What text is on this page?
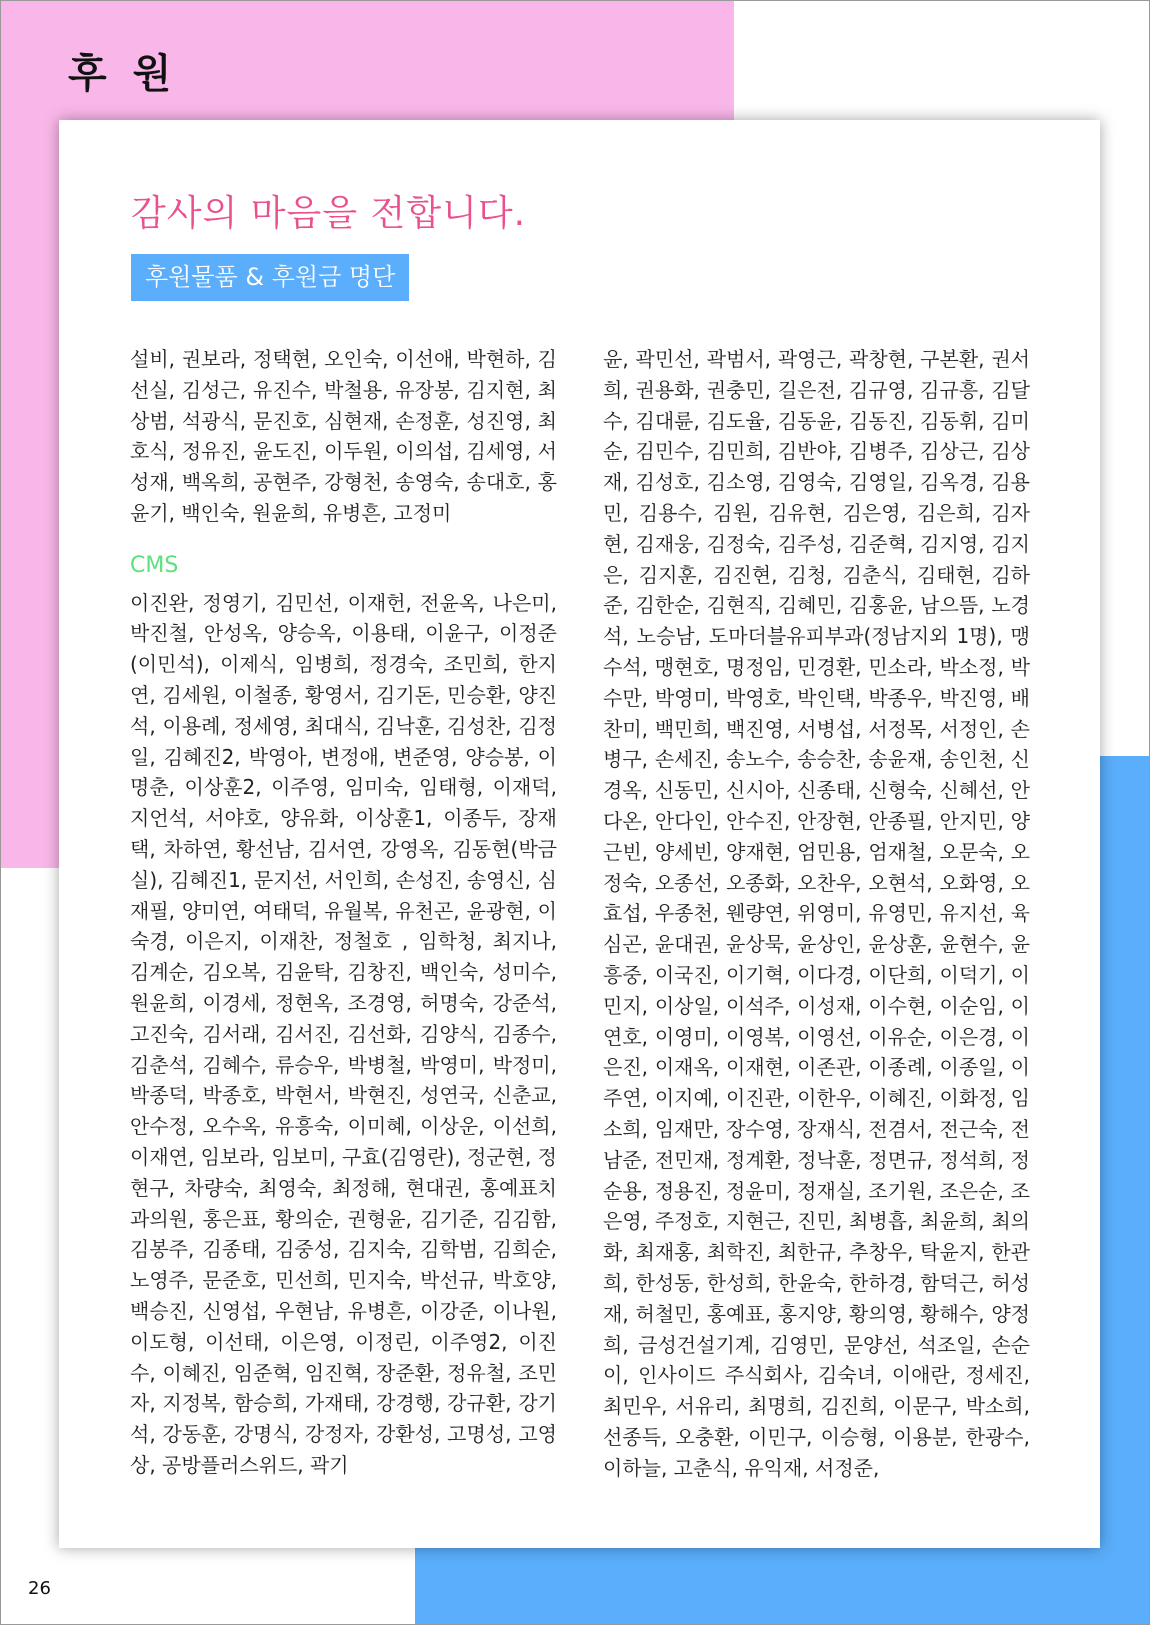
후 원
감사의 마음을 전합니다.
후원물품 & 후원금 명단

설비, 권보라, 정택현, 오인숙, 이선애, 박현하, 김선실, 김성근, 유진수, 박철용, 유장봉, 김지현, 최상범, 석광식, 문진호, 심현재, 손정훈, 성진영, 최호식, 정유진, 윤도진, 이두원, 이의섭, 김세영, 서성재, 백옥희, 공현주, 강형천, 송영숙, 송대호, 홍윤기, 백인숙, 원윤희, 유병흔, 고정미

CMS

이진완, 정영기, 김민선, 이재헌, 전윤옥, 나은미, 박진철, 안성옥, 양승옥, 이용태, 이윤구, 이정준(이민석), 이제식, 임병희, 정경숙, 조민희, 한지연, 김세원, 이철종, 황영서, 김기돈, 민승환, 양진석, 이용례, 정세영, 최대식, 김낙훈, 김성찬, 김정일, 김혜진2, 박영아, 변정애, 변준영, 양승봉, 이명춘, 이상훈2, 이주영, 임미숙, 임태형, 이재덕, 지언석, 서야호, 양유화, 이상훈1, 이종두, 장재택, 차하연, 황선남, 김서연, 강영옥, 김동현(박금실), 김혜진1, 문지선, 서인희, 손성진, 송영신, 심재필, 양미연, 여태덕, 유월복, 유천곤, 윤광현, 이숙경, 이은지, 이재찬, 정철호 , 임학청, 최지나, 김계순, 김오복, 김윤탁, 김창진, 백인숙, 성미수, 원윤희, 이경세, 정현옥, 조경영, 허명숙, 강준석, 고진숙, 김서래, 김서진, 김선화, 김양식, 김종수, 김춘석, 김혜수, 류승우, 박병철, 박영미, 박정미, 박종덕, 박종호, 박현서, 박현진, 성연국, 신춘교, 안수정, 오수옥, 유흥숙, 이미혜, 이상운, 이선희, 이재연, 임보라, 임보미, 구효(김영란), 정군현, 정현구, 차량숙, 최영숙, 최정해, 현대권, 홍예표치과의원, 홍은표, 황의순, 권형윤, 김기준, 김김함, 김봉주, 김종태, 김중성, 김지숙, 김학범, 김희순, 노영주, 문준호, 민선희, 민지숙, 박선규, 박호양, 백승진, 신영섭, 우현남, 유병흔, 이강준, 이나원, 이도형, 이선태, 이은영, 이정린, 이주영2, 이진수, 이혜진, 임준혁, 임진혁, 장준환, 정유철, 조민자, 지정복, 함승희, 가재태, 강경행, 강규환, 강기석, 강동훈, 강명식, 강정자, 강환성, 고명성, 고영상, 공방플러스위드, 곽기

윤, 곽민선, 곽범서, 곽영근, 곽창현, 구본환, 권서희, 권용화, 권충민, 길은전, 김규영, 김규흥, 김달수, 김대륜, 김도율, 김동윤, 김동진, 김동휘, 김미순, 김민수, 김민희, 김반야, 김병주, 김상근, 김상재, 김성호, 김소영, 김영숙, 김영일, 김옥경, 김용민, 김용수, 김원, 김유현, 김은영, 김은희, 김자현, 김재웅, 김정숙, 김주성, 김준혁, 김지영, 김지은, 김지훈, 김진현, 김청, 김춘식, 김태현, 김하준, 김한순, 김현직, 김혜민, 김홍윤, 남으뜸, 노경석, 노승남, 도마더블유피부과(정남지외 1명), 맹수석, 맹현호, 명정임, 민경환, 민소라, 박소정, 박수만, 박영미, 박영호, 박인택, 박종우, 박진영, 배찬미, 백민희, 백진영, 서병섭, 서정목, 서정인, 손병구, 손세진, 송노수, 송승찬, 송윤재, 송인천, 신경옥, 신동민, 신시아, 신종태, 신형숙, 신혜선, 안다온, 안다인, 안수진, 안장현, 안종필, 안지민, 양근빈, 양세빈, 양재현, 엄민용, 엄재철, 오문숙, 오정숙, 오종선, 오종화, 오찬우, 오현석, 오화영, 오효섭, 우종천, 웬량연, 위영미, 유영민, 유지선, 육심곤, 윤대권, 윤상묵, 윤상인, 윤상훈, 윤현수, 윤흥중, 이국진, 이기혁, 이다경, 이단희, 이덕기, 이민지, 이상일, 이석주, 이성재, 이수현, 이순임, 이연호, 이영미, 이영복, 이영선, 이유순, 이은경, 이은진, 이재옥, 이재현, 이존관, 이종례, 이종일, 이주연, 이지예, 이진관, 이한우, 이혜진, 이화정, 임소희, 임재만, 장수영, 장재식, 전겸서, 전근숙, 전남준, 전민재, 정계환, 정낙훈, 정면규, 정석희, 정순용, 정용진, 정윤미, 정재실, 조기원, 조은순, 조은영, 주정호, 지현근, 진민, 최병흡, 최윤희, 최의화, 최재홍, 최학진, 최한규, 추창우, 탁윤지, 한관희, 한성동, 한성희, 한윤숙, 한하경, 함덕근, 허성재, 허철민, 홍예표, 홍지양, 황의영, 황해수, 양정희, 금성건설기계, 김영민, 문양선, 석조일, 손순이, 인사이드 주식회사, 김숙녀, 이애란, 정세진, 최민우, 서유리, 최명희, 김진희, 이문구, 박소희, 선종득, 오충환, 이민구, 이승형, 이용분, 한광수, 이하늘, 고춘식, 유익재, 서정준,

26
